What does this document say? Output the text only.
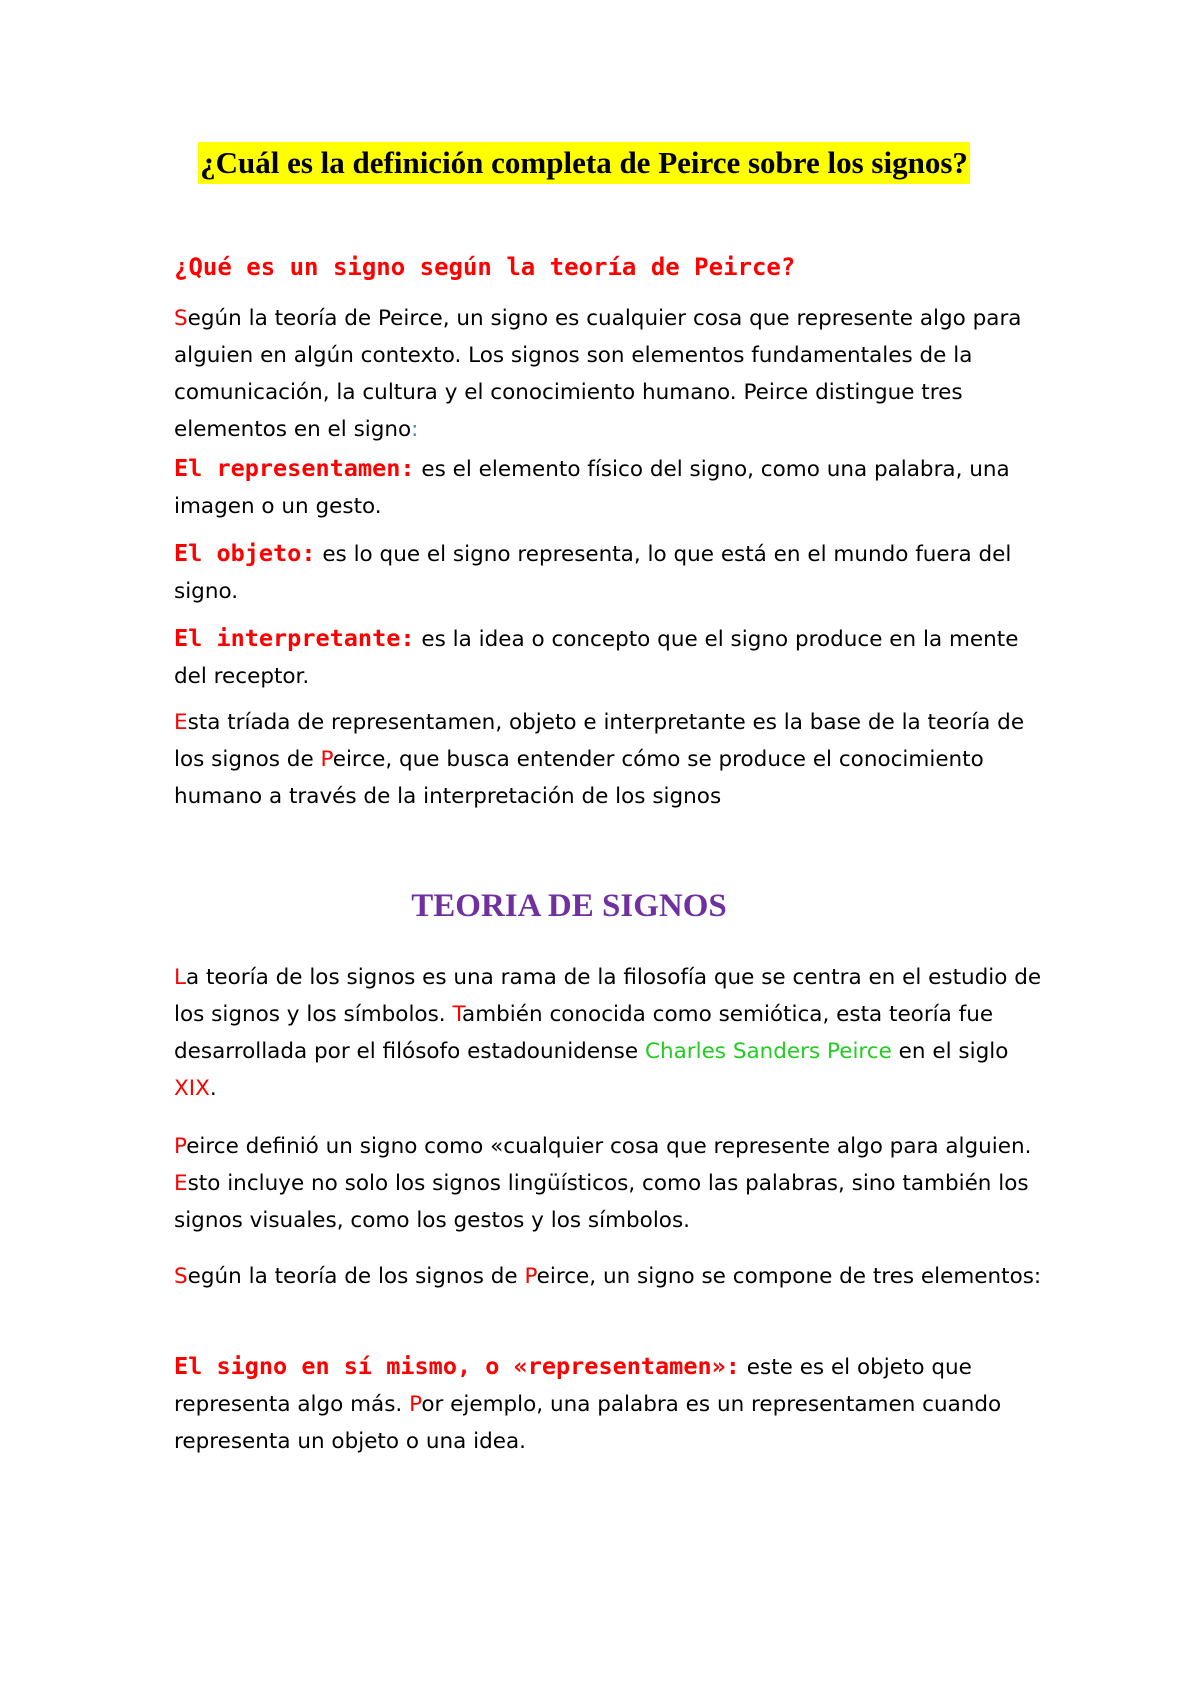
¿Cuál es la definición completa de Peirce sobre los signos?
¿Qué es un signo según la teoría de Peirce?

Según la teoría de Peirce, un signo es cualquier cosa que represente algo para alguien en algún contexto. Los signos son elementos fundamentales de la comunicación, la cultura y el conocimiento humano. Peirce distingue tres elementos en el signo:

El representamen: es el elemento físico del signo, como una palabra, una imagen o un gesto.

El objeto: es lo que el signo representa, lo que está en el mundo fuera del signo.

El interpretante: es la idea o concepto que el signo produce en la mente del receptor.

Esta tríada de representamen, objeto e interpretante es la base de la teoría de los signos de Peirce, que busca entender cómo se produce el conocimiento humano a través de la interpretación de los signos

TEORIA DE SIGNOS

La teoría de los signos es una rama de la filosofía que se centra en el estudio de los signos y los símbolos. También conocida como semiótica, esta teoría fue desarrollada por el filósofo estadounidense Charles Sanders Peirce en el siglo XIX.

Peirce definió un signo como «cualquier cosa que represente algo para alguien. Esto incluye no solo los signos lingüísticos, como las palabras, sino también los signos visuales, como los gestos y los símbolos.

Según la teoría de los signos de Peirce, un signo se compone de tres elementos:

El signo en sí mismo, o «representamen»: este es el objeto que representa algo más. Por ejemplo, una palabra es un representamen cuando representa un objeto o una idea.
